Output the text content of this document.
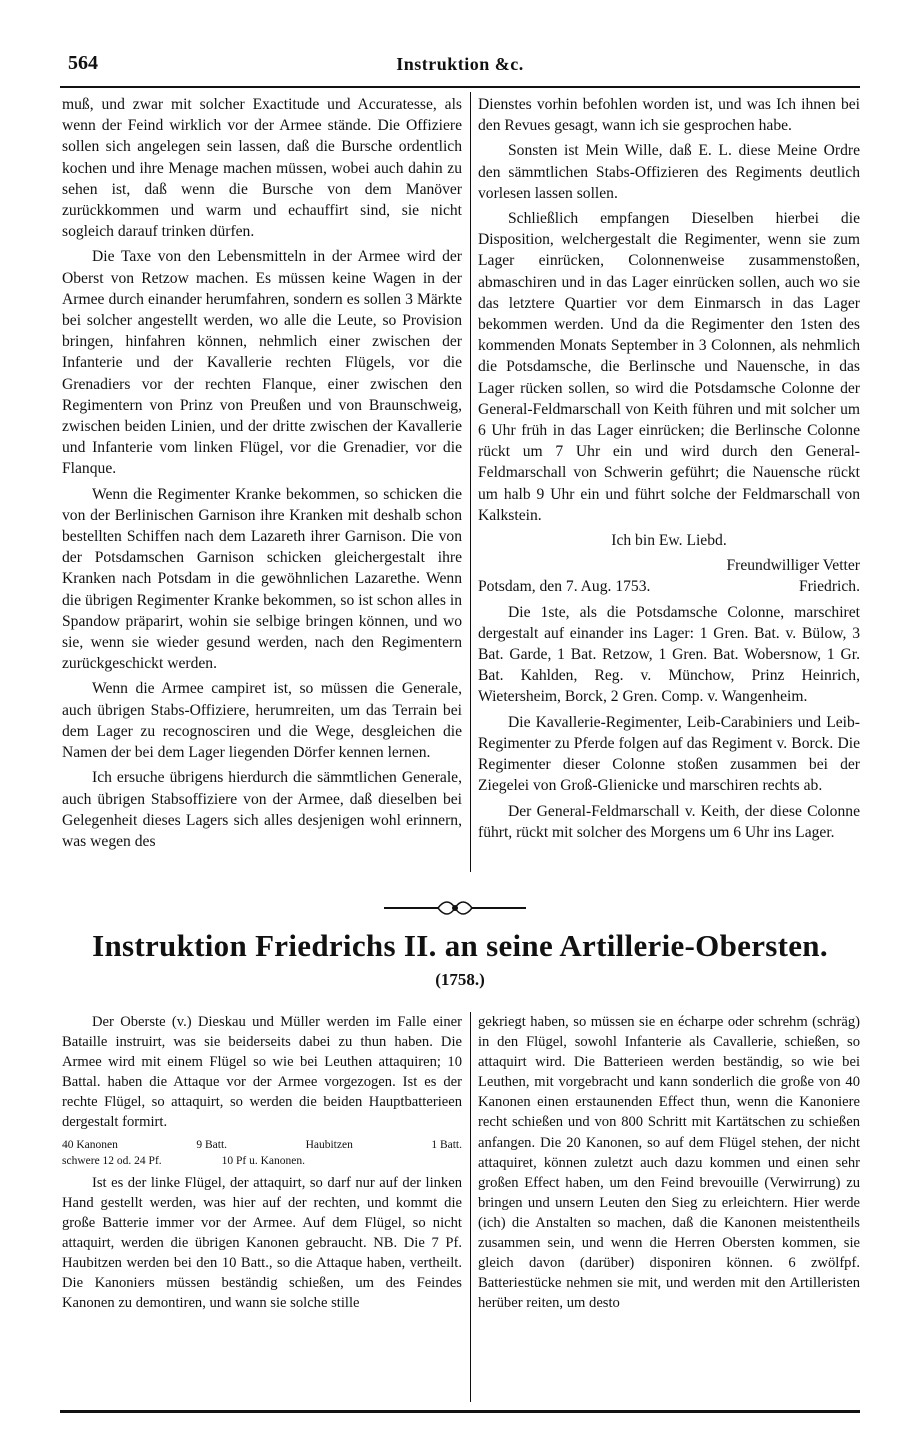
564	Instruktion &c.

muß, und zwar mit solcher Exactitude und Accuratesse, als wenn der Feind wirklich vor der Armee stände. Die Offiziere sollen sich angelegen sein lassen, daß die Bursche ordentlich kochen und ihre Menage machen müssen, wobei auch dahin zu sehen ist, daß wenn die Bursche von dem Manöver zurückkommen und warm und echauffirt sind, sie nicht sogleich darauf trinken dürfen.

Die Taxe von den Lebensmitteln in der Armee wird der Oberst von Retzow machen. Es müssen keine Wagen in der Armee durch einander herumfahren, sondern es sollen 3 Märkte bei solcher angestellt werden, wo alle die Leute, so Provision bringen, hinfahren können, nehmlich einer zwischen der Infanterie und der Kavallerie rechten Flügels, vor die Grenadiers vor der rechten Flanque, einer zwischen den Regimentern von Prinz von Preußen und von Braunschweig, zwischen beiden Linien, und der dritte zwischen der Kavallerie und Infanterie vom linken Flügel, vor die Grenadier, vor die Flanque.

Wenn die Regimenter Kranke bekommen, so schicken die von der Berlinischen Garnison ihre Kranken mit deshalb schon bestellten Schiffen nach dem Lazareth ihrer Garnison. Die von der Potsdamschen Garnison schicken gleichergestalt ihre Kranken nach Potsdam in die gewöhnlichen Lazarethe. Wenn die übrigen Regimenter Kranke bekommen, so ist schon alles in Spandow präparirt, wohin sie selbige bringen können, und wo sie, wenn sie wieder gesund werden, nach den Regimentern zurückgeschickt werden.

Wenn die Armee campiret ist, so müssen die Generale, auch übrigen Stabs-Offiziere, herumreiten, um das Terrain bei dem Lager zu recognosciren und die Wege, desgleichen die Namen der bei dem Lager liegenden Dörfer kennen lernen.

Ich ersuche übrigens hierdurch die sämmtlichen Generale, auch übrigen Stabsoffiziere von der Armee, daß dieselben bei Gelegenheit dieses Lagers sich alles desjenigen wohl erinnern, was wegen des

Dienstes vorhin befohlen worden ist, und was Ich ihnen bei den Revues gesagt, wann ich sie gesprochen habe.

Sonsten ist Mein Wille, daß E. L. diese Meine Ordre den sämmtlichen Stabs-Offizieren des Regiments deutlich vorlesen lassen sollen.

Schließlich empfangen Dieselben hierbei die Disposition, welchergestalt die Regimenter, wenn sie zum Lager einrücken, Colonnenweise zusammenstoßen, abmaschiren und in das Lager einrücken sollen, auch wo sie das letztere Quartier vor dem Einmarsch in das Lager bekommen werden. Und da die Regimenter den 1sten des kommenden Monats September in 3 Colonnen, als nehmlich die Potsdamsche, die Berlinsche und Nauensche, in das Lager rücken sollen, so wird die Potsdamsche Colonne der General-Feldmarschall von Keith führen und mit solcher um 6 Uhr früh in das Lager einrücken; die Berlinsche Colonne rückt um 7 Uhr ein und wird durch den General-Feldmarschall von Schwerin geführt; die Nauensche rückt um halb 9 Uhr ein und führt solche der Feldmarschall von Kalkstein.

Ich bin Ew. Liebd.

Freundwilliger Vetter

Potsdam, den 7. Aug. 1753.	Friedrich.

Die 1ste, als die Potsdamsche Colonne, marschiret dergestalt auf einander ins Lager: 1 Gren. Bat. v. Bülow, 3 Bat. Garde, 1 Bat. Retzow, 1 Gren. Bat. Wobersnow, 1 Gr. Bat. Kahlden, Reg. v. Münchow, Prinz Heinrich, Wietersheim, Borck, 2 Gren. Comp. v. Wangenheim.

Die Kavallerie-Regimenter, Leib-Carabiniers und Leib-Regimenter zu Pferde folgen auf das Regiment v. Borck. Die Regimenter dieser Colonne stoßen zusammen bei der Ziegelei von Groß-Glienicke und marschiren rechts ab.

Der General-Feldmarschall v. Keith, der diese Colonne führt, rückt mit solcher des Morgens um 6 Uhr ins Lager.

Instruktion Friedrichs II. an seine Artillerie-Obersten.
(1758.)

Der Oberste (v.) Dieskau und Müller werden im Falle einer Bataille instruirt, was sie beiderseits dabei zu thun haben. Die Armee wird mit einem Flügel so wie bei Leuthen attaquiren; 10 Battal. haben die Attaque vor der Armee vorgezogen. Ist es der rechte Flügel, so attaquirt, so werden die beiden Hauptbatterieen dergestalt formirt.

40 Kanonen	9 Batt.	Haubitzen	1 Batt.
schwere 12 od. 24 Pf.	10 Pf u. Kanonen.

Ist es der linke Flügel, der attaquirt, so darf nur auf der linken Hand gestellt werden, was hier auf der rechten, und kommt die große Batterie immer vor der Armee. Auf dem Flügel, so nicht attaquirt, werden die übrigen Kanonen gebraucht. NB. Die 7 Pf. Haubitzen werden bei den 10 Batt., so die Attaque haben, vertheilt. Die Kanoniers müssen beständig schießen, um des Feindes Kanonen zu demontiren, und wann sie solche stille

gekriegt haben, so müssen sie en écharpe oder schrehm (schräg) in den Flügel, sowohl Infanterie als Cavallerie, schießen, so attaquirt wird. Die Batterieen werden beständig, so wie bei Leuthen, mit vorgebracht und kann sonderlich die große von 40 Kanonen einen erstaunenden Effect thun, wenn die Kanoniere recht schießen und von 800 Schritt mit Kartätschen zu schießen anfangen. Die 20 Kanonen, so auf dem Flügel stehen, der nicht attaquiret, können zuletzt auch dazu kommen und einen sehr großen Effect haben, um den Feind brevouille (Verwirrung) zu bringen und unsern Leuten den Sieg zu erleichtern. Hier werde (ich) die Anstalten so machen, daß die Kanonen meistentheils zusammen sein, und wenn die Herren Obersten kommen, sie gleich davon (darüber) disponiren können. 6 zwölfpf. Batteriestücke nehmen sie mit, und werden mit den Artilleristen herüber reiten, um desto
